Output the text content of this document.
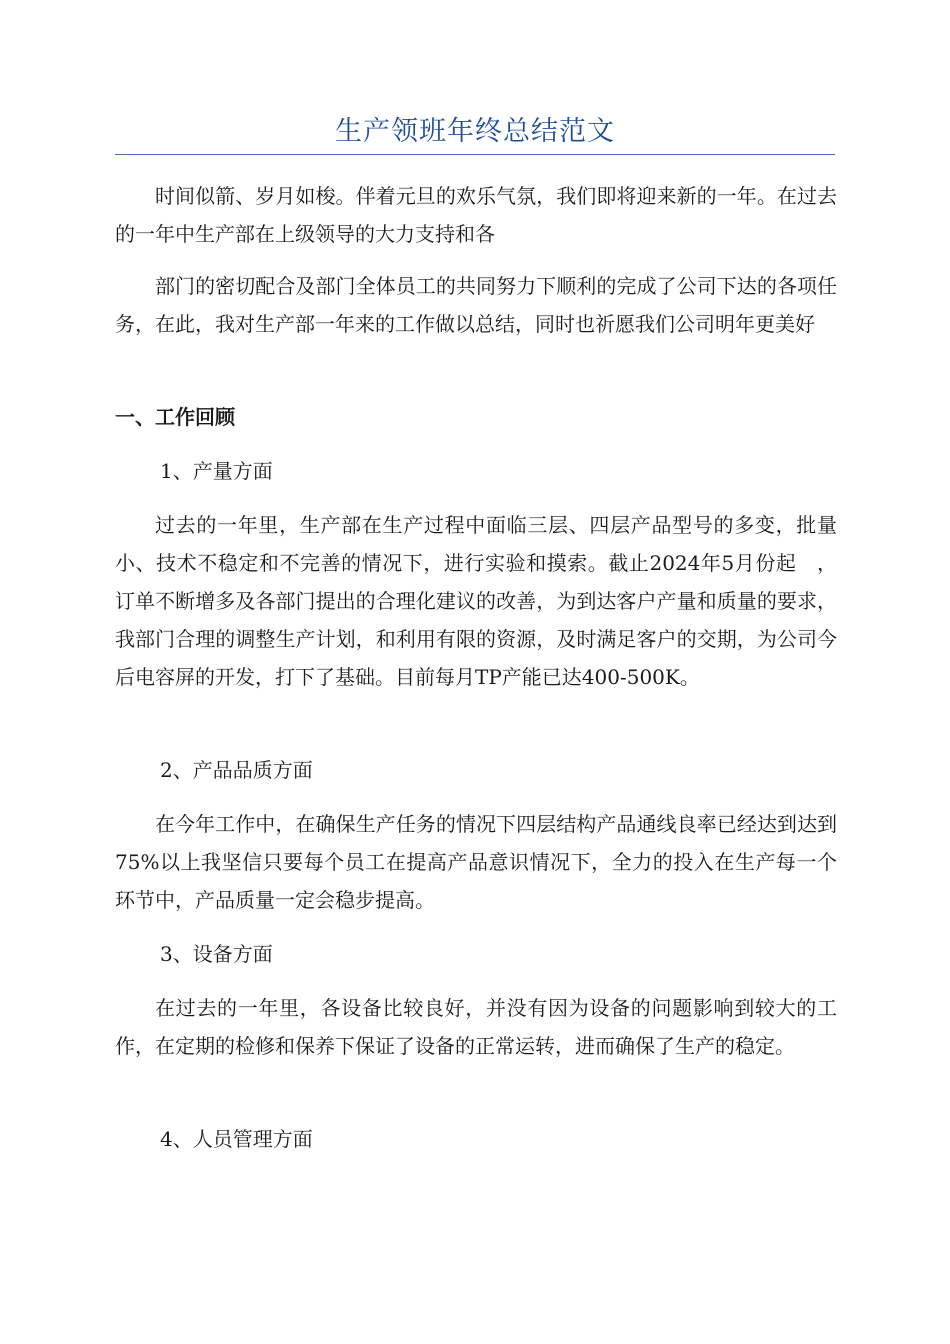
生产领班年终总结范文

时间似箭、岁月如梭。伴着元旦的欢乐气氛，我们即将迎来新的一年。在过去的一年中生产部在上级领导的大力支持和各

部门的密切配合及部门全体员工的共同努力下顺利的完成了公司下达的各项任务，在此，我对生产部一年来的工作做以总结，同时也祈愿我们公司明年更美好

一、工作回顾
1、产量方面

过去的一年里，生产部在生产过程中面临三层、四层产品型号的多变，批量小、技术不稳定和不完善的情况下，进行实验和摸索。截止2024年5月份起　，订单不断增多及各部门提出的合理化建议的改善，为到达客户产量和质量的要求，我部门合理的调整生产计划，和利用有限的资源，及时满足客户的交期，为公司今后电容屏的开发，打下了基础。目前每月TP产能已达400-500K。

2、产品品质方面

在今年工作中，在确保生产任务的情况下四层结构产品通线良率已经达到达到75%以上我坚信只要每个员工在提高产品意识情况下，全力的投入在生产每一个环节中，产品质量一定会稳步提高。

3、设备方面

在过去的一年里，各设备比较良好，并没有因为设备的问题影响到较大的工作，在定期的检修和保养下保证了设备的正常运转，进而确保了生产的稳定。

4、人员管理方面
